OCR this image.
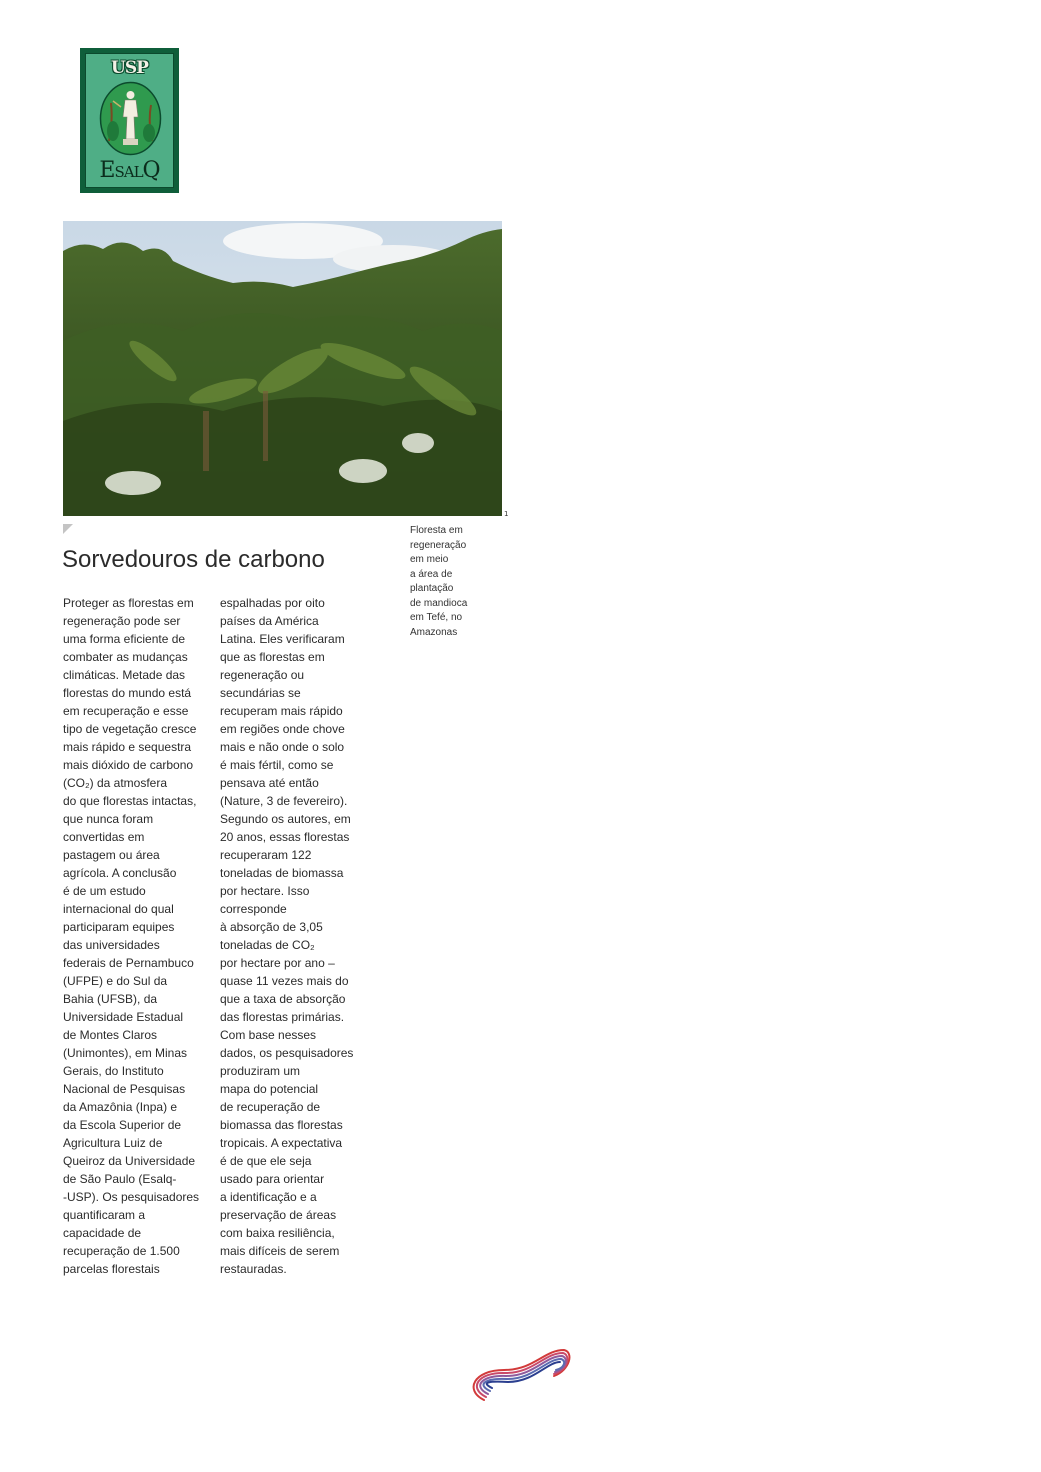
USP
ESALQ
1
Floresta em
regeneração
em meio
a área de
plantação
de mandioca
em Tefé, no
Amazonas
Sorvedouros de carbono

Proteger as florestas em
regeneração pode ser
uma forma eficiente de
combater as mudanças
climáticas. Metade das
florestas do mundo está
em recuperação e esse
tipo de vegetação cresce
mais rápido e sequestra
mais dióxido de carbono
(CO₂) da atmosfera
do que florestas intactas,
que nunca foram
convertidas em
pastagem ou área
agrícola. A conclusão
é de um estudo
internacional do qual
participaram equipes
das universidades
federais de Pernambuco
(UFPE) e do Sul da
Bahia (UFSB), da
Universidade Estadual
de Montes Claros
(Unimontes), em Minas
Gerais, do Instituto
Nacional de Pesquisas
da Amazônia (Inpa) e
da Escola Superior de
Agricultura Luiz de
Queiroz da Universidade
de São Paulo (Esalq-
-USP). Os pesquisadores
quantificaram a
capacidade de
recuperação de 1.500
parcelas florestais

espalhadas por oito
países da América
Latina. Eles verificaram
que as florestas em
regeneração ou
secundárias se
recuperam mais rápido
em regiões onde chove
mais e não onde o solo
é mais fértil, como se
pensava até então
(Nature, 3 de fevereiro).
Segundo os autores, em
20 anos, essas florestas
recuperaram 122
toneladas de biomassa
por hectare. Isso
corresponde
à absorção de 3,05
toneladas de CO₂
por hectare por ano –
quase 11 vezes mais do
que a taxa de absorção
das florestas primárias.
Com base nesses
dados, os pesquisadores
produziram um
mapa do potencial
de recuperação de
biomassa das florestas
tropicais. A expectativa
é de que ele seja
usado para orientar
a identificação e a
preservação de áreas
com baixa resiliência,
mais difíceis de serem
restauradas.
